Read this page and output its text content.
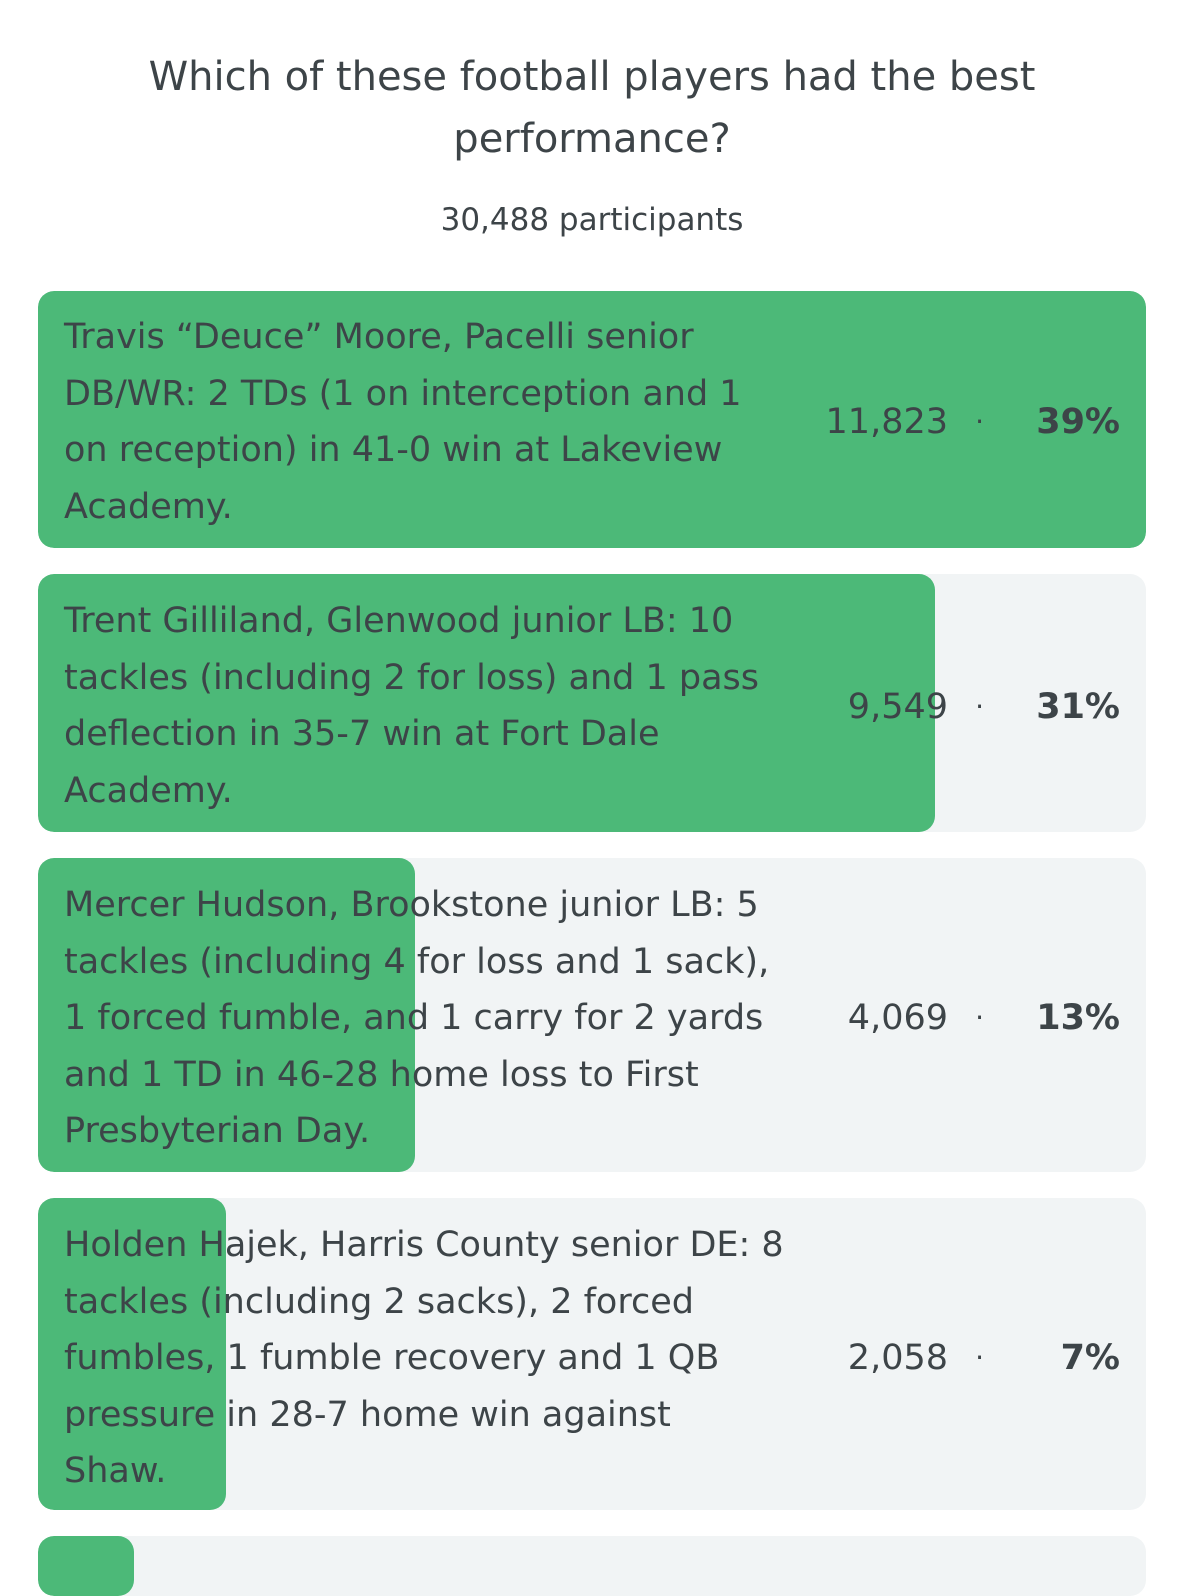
Which of these football players had the best performance?
30,488 participants
Travis “Deuce” Moore, Pacelli senior DB/WR: 2 TDs (1 on interception and 1 on reception) in 41-0 win at Lakeview Academy.
11,823 · 39%
Trent Gilliland, Glenwood junior LB: 10 tackles (including 2 for loss) and 1 pass deflection in 35-7 win at Fort Dale Academy.
9,549 · 31%
Mercer Hudson, Brookstone junior LB: 5 tackles (including 4 for loss and 1 sack), 1 forced fumble, and 1 carry for 2 yards and 1 TD in 46-28 home loss to First Presbyterian Day.
4,069 · 13%
Holden Hajek, Harris County senior DE: 8 tackles (including 2 sacks), 2 forced fumbles, 1 fumble recovery and 1 QB pressure in 28-7 home win against Shaw.
2,058 · 7%
